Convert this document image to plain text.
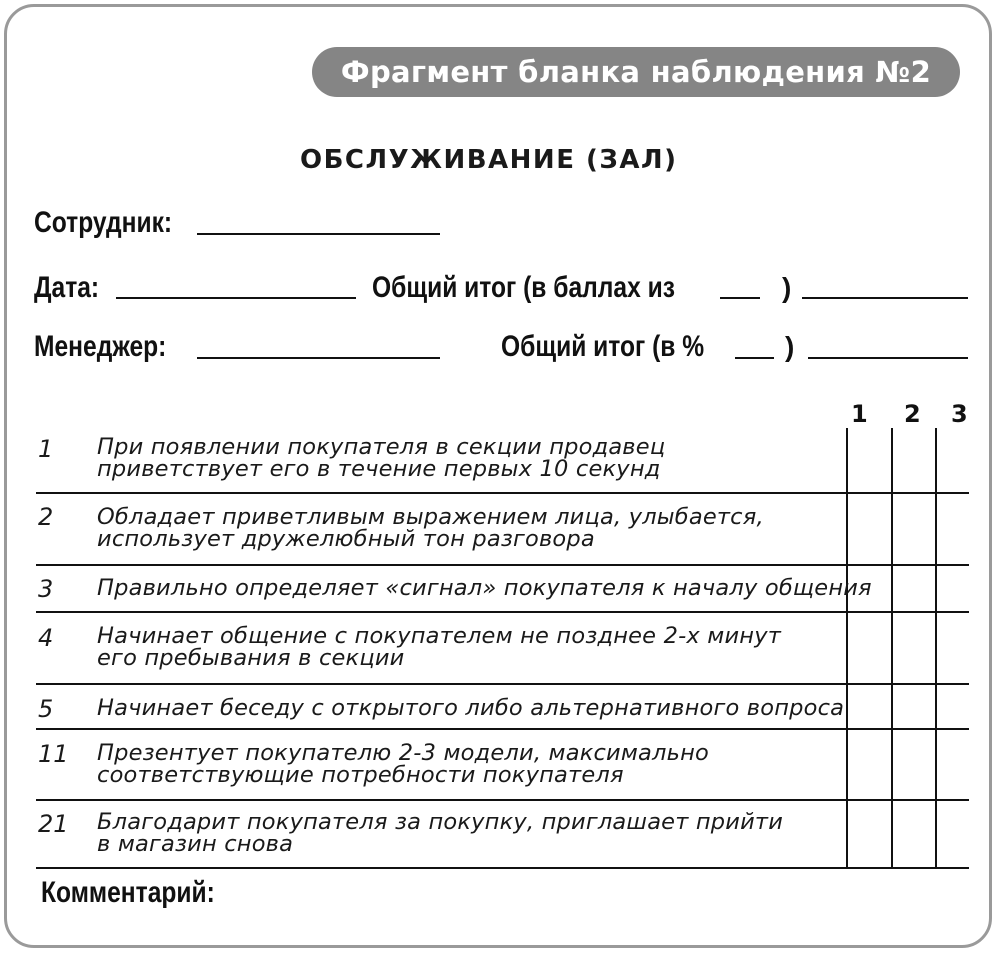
Фрагмент бланка наблюдения №2
ОБСЛУЖИВАНИЕ (ЗАЛ)
Сотрудник:
Дата:	Общий итог (в баллах из	)
Менеджер:	Общий итог (в %	)
1 2 3
1 При появлении покупателя в секции продавец
приветствует его в течение первых 10 секунд
2 Обладает приветливым выражением лица, улыбается,
использует дружелюбный тон разговора
3 Правильно определяет «сигнал» покупателя к началу общения
4 Начинает общение с покупателем не позднее 2-х минут
его пребывания в секции
5 Начинает беседу с открытого либо альтернативного вопроса
11 Презентует покупателю 2-3 модели, максимально
соответствующие потребности покупателя
21 Благодарит покупателя за покупку, приглашает прийти
в магазин снова
Комментарий:
